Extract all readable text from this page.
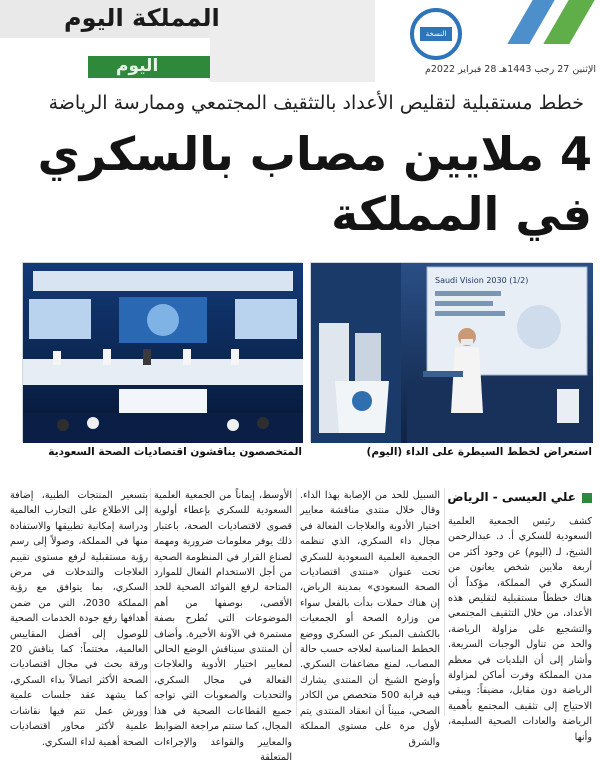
المملكة اليوم
اليوم
النسخة الرقمية
الإثنين 27 رجب 1443هـ 28 فبراير 2022م
خطط مستقبلية لتقليص الأعداد بالتثقيف المجتمعي وممارسة الرياضة
4 ملايين مصاب بالسكري في المملكة
Saudi Vision 2030 (1/2)
استعراض لخطط السيطرة على الداء (اليوم)
المتخصصون يناقشون اقتصاديات الصحة السعودية
علي العيسى - الرياض

كشف رئيس الجمعية العلمية السعودية للسكري أ. د. عبدالرحمن الشيخ، لـ (اليوم) عن وجود أكثر من أربعة ملايين شخص يعانون من السكري في المملكة، مؤكداً أن هناك خططاً مستقبلية لتقليص هذه الأعداد، من خلال التثقيف المجتمعي والتشجيع على مزاولة الرياضة، والحد من تناول الوجبات السريعة. وأشار إلى أن البلديات في معظم مدن المملكة وفرت أماكن لمزاولة الرياضة دون مقابل، مضيفاً: ويبقى الاحتياج إلى تثقيف المجتمع بأهمية الرياضة والعادات الصحية السليمة، وأنها

السبيل للحد من الإصابة بهذا الداء. وقال خلال منتدى مناقشة معايير اختيار الأدوية والعلاجات الفعالة في مجال داء السكري، الذي تنظمه الجمعية العلمية السعودية للسكري تحت عنوان «منتدى اقتصاديات الصحة السعودي» بمدينة الرياض، إن هناك حملات بدأت بالفعل سواء من وزارة الصحة أو الجمعيات بالكشف المبكر عن السكري ووضع الخطط المناسبة لعلاجه حسب حالة المصاب، لمنع مضاعفات السكري. وأوضح الشيخ أن المنتدى يشارك فيه قرابة 500 متخصص من الكادر الصحي، مبيناً أن انعقاد المنتدى يتم لأول مرة على مستوى المملكة والشرق

الأوسط، إيماناً من الجمعية العلمية السعودية للسكري بإعطاء أولوية قصوى لاقتصاديات الصحة، باعتبار ذلك يوفر معلومات ضرورية ومهمة لصناع القرار في المنظومة الصحية من أجل الاستخدام الفعال للموارد المتاحة لرفع الفوائد الصحية للحد الأقصى، بوصفها من أهم الموضوعات التي تُطرح بصفة مستمرة في الآونة الأخيرة. وأضاف أن المنتدى سيناقش الوضع الحالي لمعايير اختيار الأدوية والعلاجات الفعالة في مجال السكري، والتحديات والصعوبات التي تواجه جميع القطاعات الصحية في هذا المجال، كما ستتم مراجعة الضوابط والمعايير والقواعد والإجراءات المتعلقة

بتسعير المنتجات الطبية، إضافة إلى الاطلاع على التجارب العالمية ودراسة إمكانية تطبيقها والاستفادة منها في المملكة، وصولاً إلى رسم رؤية مستقبلية لرفع مستوى تقييم العلاجات والتدخلات في مرض السكري، بما يتوافق مع رؤية المملكة 2030، التي من ضمن أهدافها رفع جودة الخدمات الصحية للوصول إلى أفضل المقاييس العالمية، مختتماً: كما يناقش 20 ورقة بحث في مجال اقتصاديات الصحة الأكثر اتصالاً بداء السكري، كما يشهد عقد جلسات علمية وورش عمل تتم فيها نقاشات علمية لأكثر محاور اقتصاديات الصحة أهمية لداء السكري.
